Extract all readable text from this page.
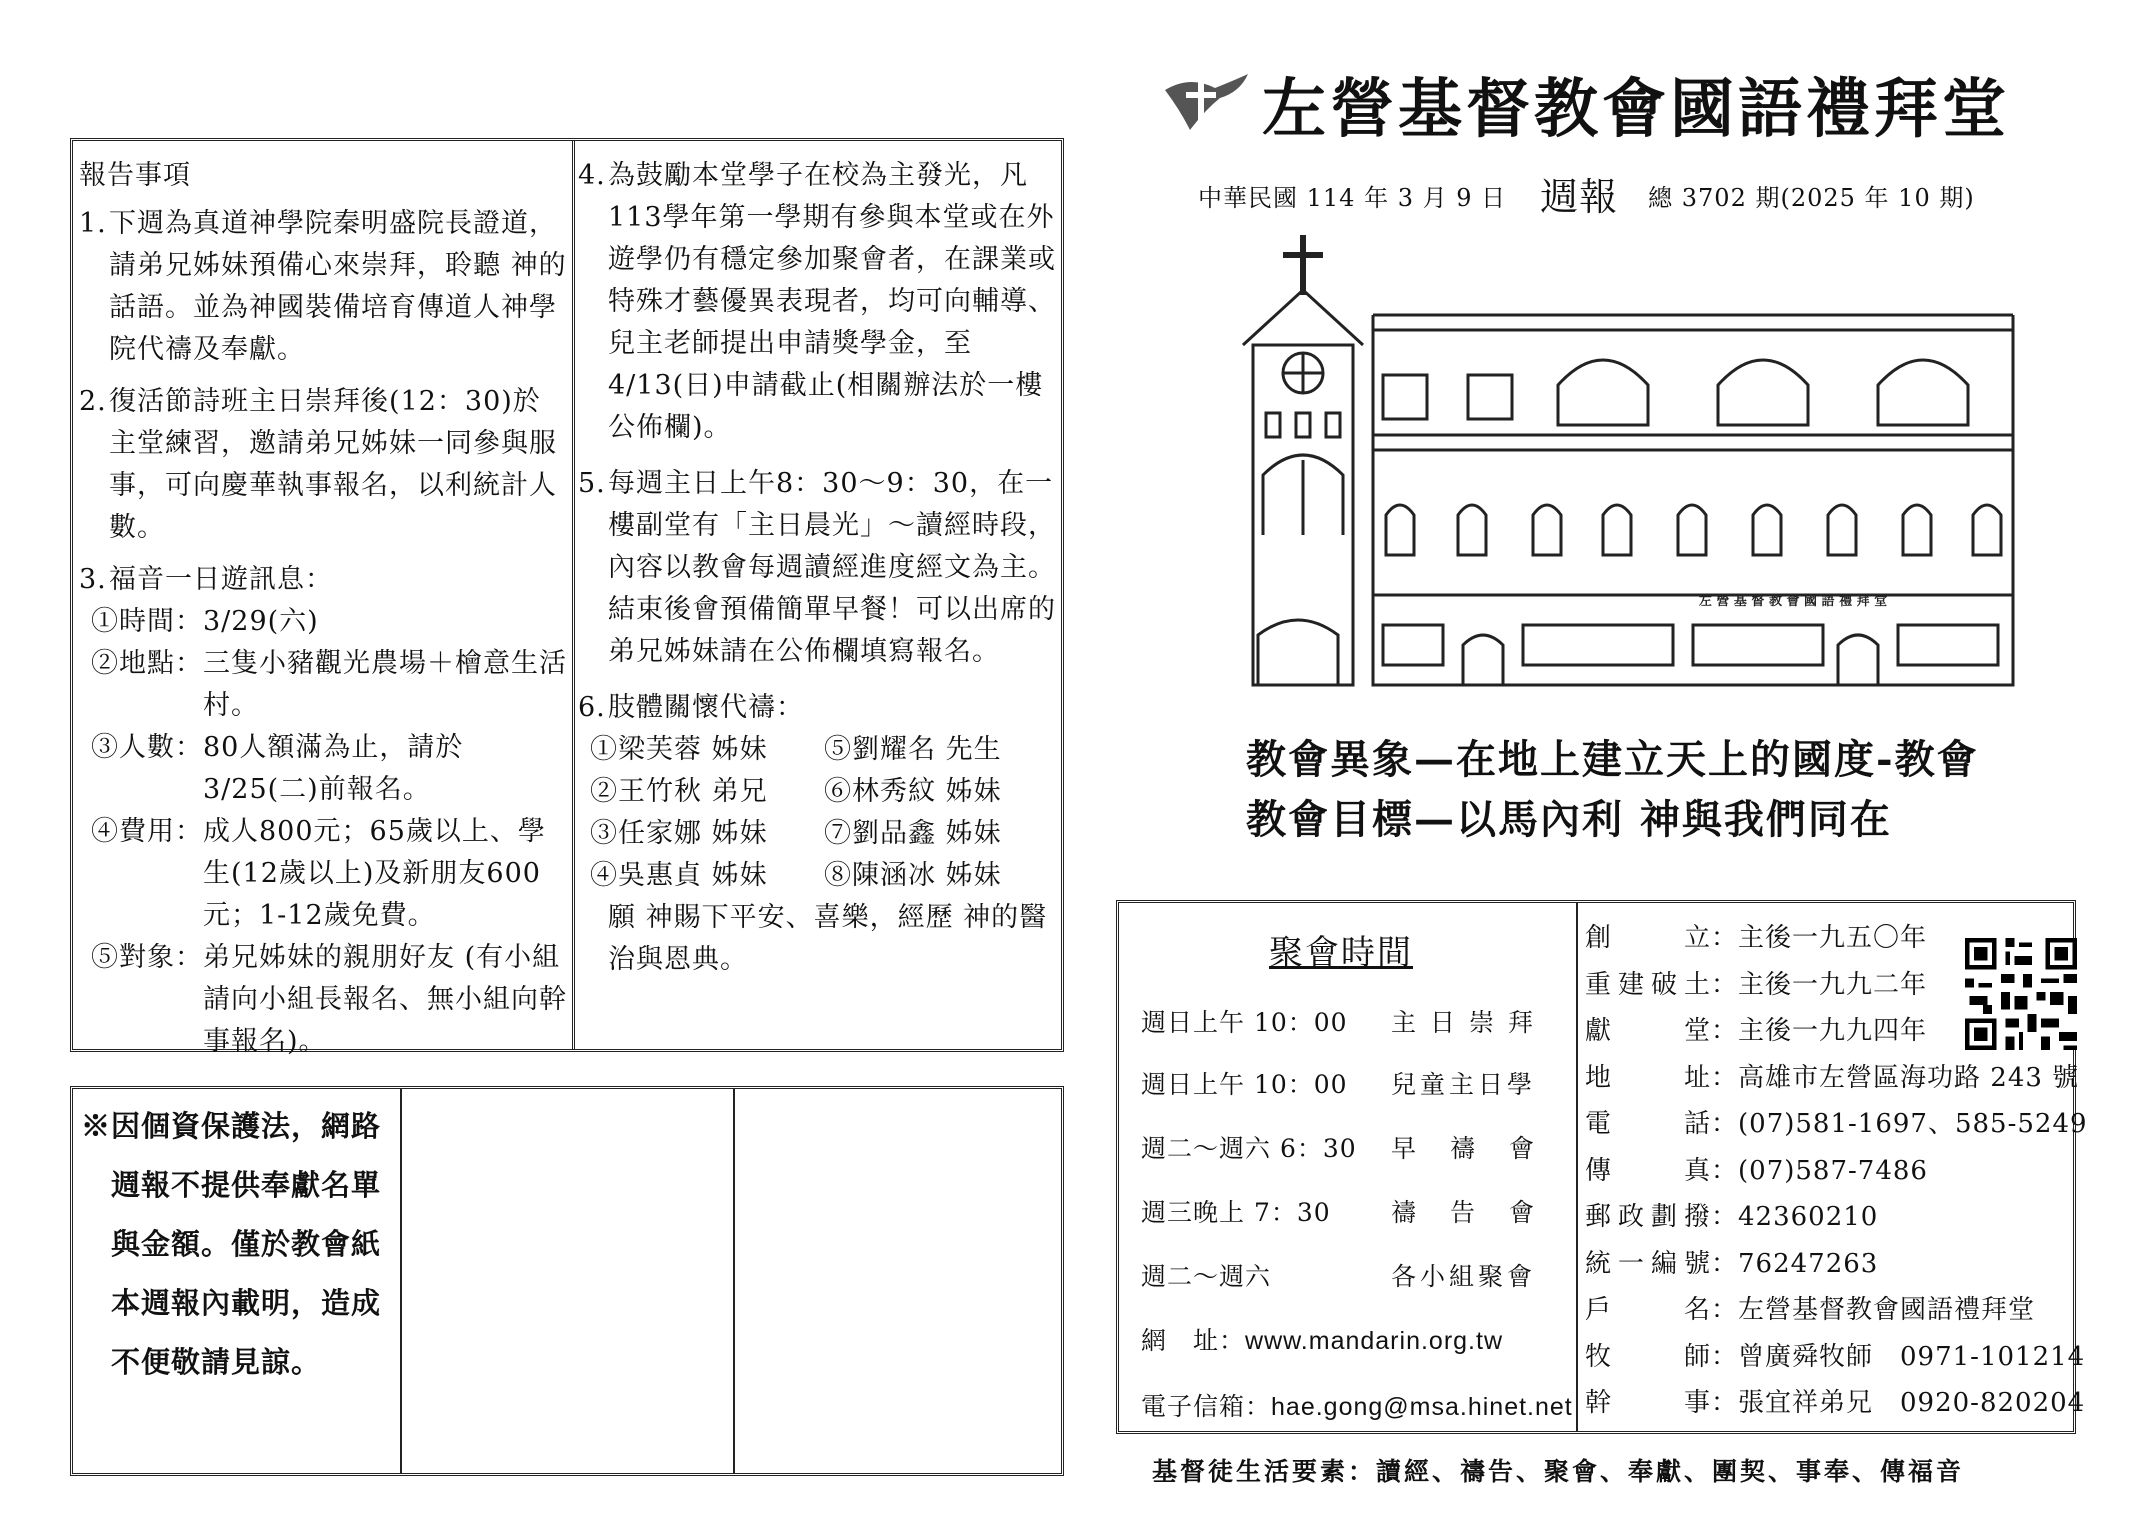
報告事項

1. 下週為真道神學院秦明盛院長證道，請弟兄姊妹預備心來崇拜，聆聽 神的話語。並為神國裝備培育傳道人神學院代禱及奉獻。

2. 復活節詩班主日崇拜後(12：30)於主堂練習，邀請弟兄姊妹一同參與服事，可向慶華執事報名，以利統計人數。

3. 福音一日遊訊息：

①時間： 3/29(六)
②地點： 三隻小豬觀光農場＋檜意生活村。
③人數： 80人額滿為止，請於3/25(二)前報名。
④費用： 成人800元；65歲以上、學生(12歲以上)及新朋友600元；1-12歲免費。
⑤對象： 弟兄姊妹的親朋好友 (有小組請向小組長報名、無小組向幹事報名)。

4. 為鼓勵本堂學子在校為主發光，凡113學年第一學期有參與本堂或在外遊學仍有穩定參加聚會者，在課業或特殊才藝優異表現者，均可向輔導、兒主老師提出申請獎學金，至4/13(日)申請截止(相關辦法於一樓公佈欄)。

5. 每週主日上午8：30～9：30，在一樓副堂有「主日晨光」～讀經時段，內容以教會每週讀經進度經文為主。結束後會預備簡單早餐！可以出席的弟兄姊妹請在公佈欄填寫報名。

6. 肢體關懷代禱：

①梁芙蓉 姊妹	⑤劉耀名 先生
②王竹秋 弟兄	⑥林秀紋 姊妹
③任家娜 姊妹	⑦劉品鑫 姊妹
④吳惠貞 姊妹	⑧陳涵冰 姊妹
願 神賜下平安、喜樂，經歷 神的醫治與恩典。
※因個資保護法，網路
週報不提供奉獻名單
與金額。僅於教會紙
本週報內載明，造成
不便敬請見諒。
左營基督教會國語禮拜堂
中華民國 114 年 3 月 9 日 週報 總 3702 期(2025 年 10 期)
左 營 基 督 教 會 國 語 禮 拜 堂
教會異象—在地上建立天上的國度-教會
教會目標—以馬內利 神與我們同在
聚會時間
週日上午 10：00 主日崇拜
週日上午 10：00 兒童主日學
週二～週六 6：30 早禱會
週三晚上 7：30 禱告會
週二～週六	各小組聚會
網　址：www.mandarin.org.tw
電子信箱：hae.gong@msa.hinet.net
創立：主後一九五〇年
重建破土：主後一九九二年
獻堂：主後一九九四年
地址：高雄市左營區海功路 243 號
電話：(07)581-1697、585-5249
傳真：(07)587-7486
郵政劃撥：42360210
統一編號：76247263
戶名：左營基督教會國語禮拜堂
牧師：曾廣舜牧師　0971-101214
幹事：張宜祥弟兄　0920-820204
基督徒生活要素：讀經、禱告、聚會、奉獻、團契、事奉、傳福音
